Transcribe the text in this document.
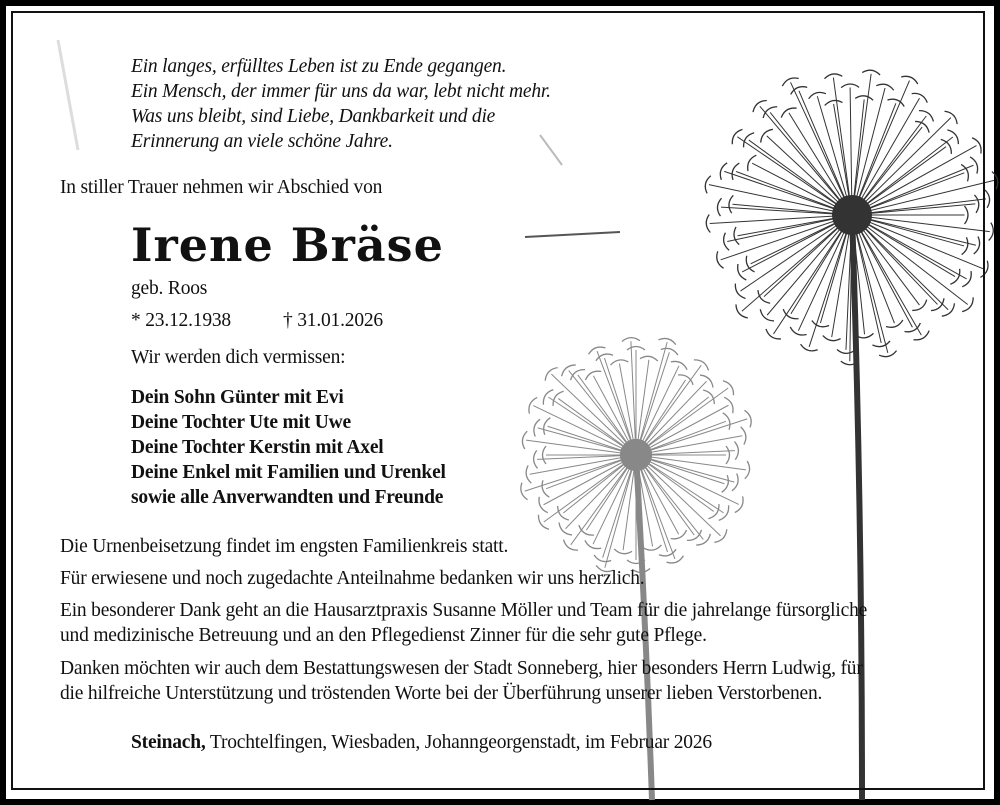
Ein langes, erfülltes Leben ist zu Ende gegangen.
Ein Mensch, der immer für uns da war, lebt nicht mehr.
Was uns bleibt, sind Liebe, Dankbarkeit und die
Erinnerung an viele schöne Jahre.
In stiller Trauer nehmen wir Abschied von
Irene Bräse
geb. Roos
* 23.12.1938	† 31.01.2026
Wir werden dich vermissen:
Dein Sohn Günter mit Evi
Deine Tochter Ute mit Uwe
Deine Tochter Kerstin mit Axel
Deine Enkel mit Familien und Urenkel
sowie alle Anverwandten und Freunde
Die Urnenbeisetzung findet im engsten Familienkreis statt.
Für erwiesene und noch zugedachte Anteilnahme bedanken wir uns herzlich.
Ein besonderer Dank geht an die Hausarztpraxis Susanne Möller und Team für die jahrelange fürsorgliche
und medizinische Betreuung und an den Pflegedienst Zinner für die sehr gute Pflege.
Danken möchten wir auch dem Bestattungswesen der Stadt Sonneberg, hier besonders Herrn Ludwig, für
die hilfreiche Unterstützung und tröstenden Worte bei der Überführung unserer lieben Verstorbenen.
Steinach, Trochtelfingen, Wiesbaden, Johanngeorgenstadt, im Februar 2026
